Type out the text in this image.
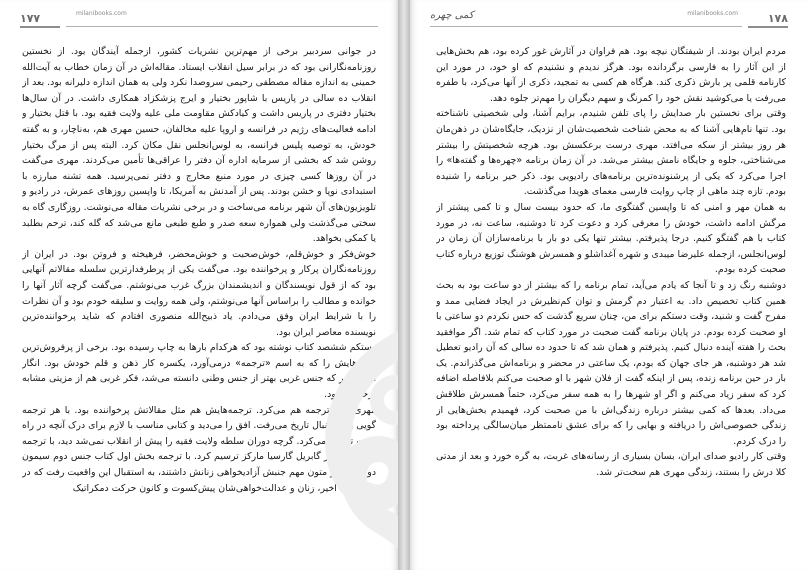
۱۷۷	milanibooks.com

در جوانی سردبیر برخی از مهم‌ترین نشریات کشور، ازجمله آیندگان بود. از نخستین روزنامه‌نگارانی بود که در برابر سیل انقلاب ایستاد. مقاله‌اش در آن زمان خطاب به آیت‌الله خمینی به اندازه مقاله مصطفی رحیمی سروصدا نکرد ولی به همان اندازه دلیرانه بود. بعد از انقلاب ده سالی در پاریس با شاپور بختیار و ایرج پزشکزاد همکاری داشت. در آن سال‌ها بختیار دفتری در پاریس داشت و کیادکش مقاومت ملی علیه ولایت فقیه بود. با قتل بختیار و ادامه فعالیت‌های رژیم در فرانسه و اروپا علیه مخالفان، حسین مهری هم، به‌ناچار، و به گفته خودش، به توصیه پلیس فرانسه، به لوس‌انجلس نقل مکان کرد. البته پس از مرگ بختیار روشن شد که بخشی از سرمایه اداره آن دفتر را عراقی‌ها تأمین می‌کردند. مهری می‌گفت در آن روزها کسی چیزی در مورد منبع مخارج و دفتر نمی‌پرسید. همه تشنه مبارزه با استبدادی نوپا و خشن بودند. پس از آمدنش به آمریکا، تا واپسین روزهای عمرش، در رادیو و تلویزیون‌های آن شهر برنامه می‌ساخت و در برخی نشریات مقاله می‌نوشت. روزگاری گاه به سختی می‌گذشت ولی همواره سعه صدر و طبع طبعی مانع می‌شد که گله کند، ترحم بطلبد یا کمکی بخواهد.

خوش‌فکر و خوش‌قلم، خوش‌صحبت و خوش‌محضر، فرهیخته و فروتن بود. در ایران از روزنامه‌نگاران پرکار و پرخواننده بود. می‌گفت یکی از پرطرفدارترین سلسله مقالاتم آنهایی بود که از قول نویسندگان و اندیشمندان بزرگ غرب می‌نوشتم. می‌گفت گرچه آثار آنها را خوانده و مطالب را براساس آنها می‌نوشتم، ولی همه روایت و سلیقه خودم بود و آن نظرات را با شرایط ایران وفق می‌دادم. یاد ذبیح‌الله منصوری افتادم که شاید پرخواننده‌ترین نویسنده معاصر ایران بود.

دستکم ششصد کتاب نوشته بود که هرکدام بارها به چاپ رسیده بود. برخی از پرفروش‌ترین کتاب‌هایش را که به اسم «ترجمه» درمی‌آورد، یکسره کار ذهن و قلم خودش بود. انگار همان‌طور که جنس غربی بهتر از جنس وطنی دانسته می‌شد، فکر غربی هم از مزیتی مشابه برخوردار بود.

مهری البته ترجمه هم می‌کرد. ترجمه‌هایش هم مثل مقالاتش پرخواننده بود. با هر ترجمه گویی به استقبال تاریخ می‌رفت. افق را می‌دید و کتابی مناسب با لازم برای درک آنچه در راه است ترجمه می‌کرد. گرچه دوران سلطه ولایت فقیه را پیش از انقلاب نمی‌شد دید، با ترجمه پاییز پدرسالار گابریل گارسیا مارکز ترسیم کرد. با ترجمه بخش اول کتاب جنس دوم سیمون دوبوار که از متون مهم جنبش آزادیخواهی زنانش داشتند، به استقبال این واقعیت رفت که در سی سال اخیر، زنان و عدالت‌خواهی‌شان پیش‌کسوت و کانون حرکت دمکراتیک

کمی چهره	milanibooks.com	۱۷۸

مردم ایران بودند. از شیفتگان نیچه بود. هم فراوان در آثارش غور کرده بود، هم بخش‌هایی از این آثار را به فارسی برگردانده بود. هرگز ندیدم و نشنیدم که او خود، در مورد این کارنامه قلمی پر بارش ذکری کند. هرگاه هم کسی به تمجید، ذکری از آنها می‌کرد، با طفره می‌رفت یا می‌کوشید نقش خود را کمرنگ و سهم دیگران را مهم‌تر جلوه دهد.

وقتی برای نخستین بار صدایش را پای تلفن شنیدم، برایم آشنا، ولی شخصیتی ناشناخته بود. تنها نام‌هایی آشنا که به محض شناخت شخصیت‌شان از نزدیک، جایگاه‌شان در ذهن‌مان هر روز بیشتر از سکه می‌افتد. مهری درست برعکسش بود. هرچه شخصیتش را بیشتر می‌شناختی، جلوه و جایگاه نامش بیشتر می‌شد. در آن زمان برنامه «چهره‌ها و گفته‌ها» را اجرا می‌کرد که یکی از پرشنونده‌ترین برنامه‌های رادیویی بود. ذکر خیر برنامه را شنیده بودم. تازه چند ماهی از چاپ روایت فارسی معمای هویدا می‌گذشت.

به همان مهر و امنی که تا واپسین گفتگوی ما، که حدود بیست سال و تا کمی پیشتر از مرگش ادامه داشت، خودش را معرفی کرد و دعوت کرد تا دوشنبه، ساعت نه، در مورد کتاب با هم گفتگو کنیم. درجا پذیرفتم. بیشتر تنها یکی دو بار با برنامه‌سازان آن زمان در لوس‌انجلس، ازجمله علیرضا میبدی و شهره آغداشلو و همسرش هوشنگ توزیع درباره کتاب صحبت کرده بودم.

دوشنبه رنگ زد و تا آنجا که یادم می‌آید، تمام برنامه را که بیشتر از دو ساعت بود به بحث همین کتاب تخصیص داد. به اعتبار دم گرمش و توان کم‌نظیرش در ایجاد فضایی ممد و مفرح گفت و شنید، وقت دستکم برای من، چنان سریع گذشت که حس نکردم دو ساعتی با او صحبت کرده بودم. در پایان برنامه گفت صحبت در مورد کتاب که تمام شد. اگر موافقید بحث را هفته آینده دنبال کنیم. پذیرفتم و همان شد که تا حدود ده سالی که آن رادیو تعطیل شد هر دوشنبه، هر جای جهان که بودم، یک ساعتی در محضر و برنامه‌اش می‌گذراندم. یک بار در حین برنامه زنده، پس از اینکه گفت از فلان شهر با او صحبت می‌کنم بلافاصله اضافه کرد که سفر زیاد می‌کنم و اگر او شهرها را به همه سفر می‌کرد، حتماً همسرش طلاقش می‌داد. بعدها که کمی بیشتر درباره زندگی‌اش با من صحبت کرد، فهمیدم بخش‌هایی از زندگی خصوصی‌اش را دریافته و بهایی را که برای عشق ناممتظر میان‌سالگی پرداخته بود را درک کردم.

وقتی کار رادیو صدای ایران، بسان بسیاری از رسانه‌های غربت، به گره خورد و بعد از مدتی کلا درش را بستند، زندگی مهری هم سخت‌تر شد.
